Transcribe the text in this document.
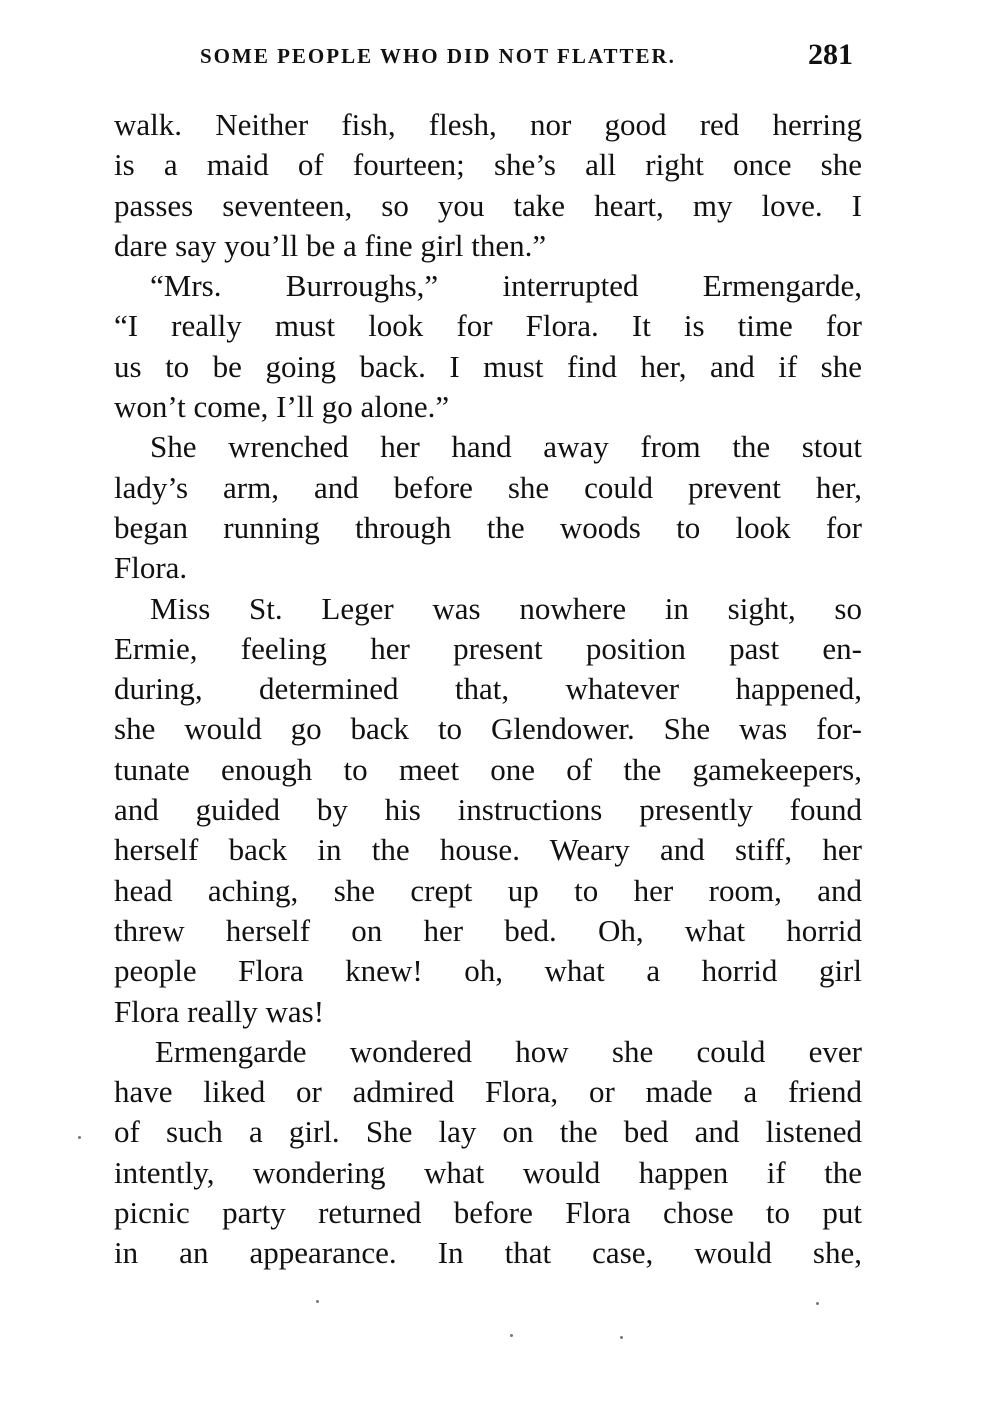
SOME PEOPLE WHO DID NOT FLATTER.	281
walk. Neither fish, flesh, nor good red herring
is a maid of fourteen; she’s all right once she
passes seventeen, so you take heart, my love. I
dare say you’ll be a fine girl then.”
“Mrs. Burroughs,” interrupted Ermengarde,
“I really must look for Flora. It is time for
us to be going back. I must find her, and if she
won’t come, I’ll go alone.”
She wrenched her hand away from the stout
lady’s arm, and before she could prevent her,
began running through the woods to look for
Flora.
Miss St. Leger was nowhere in sight, so
Ermie, feeling her present position past en-
during, determined that, whatever happened,
she would go back to Glendower. She was for-
tunate enough to meet one of the gamekeepers,
and guided by his instructions presently found
herself back in the house. Weary and stiff, her
head aching, she crept up to her room, and
threw herself on her bed. Oh, what horrid
people Flora knew! oh, what a horrid girl
Flora really was!
Ermengarde wondered how she could ever
have liked or admired Flora, or made a friend
of such a girl. She lay on the bed and listened
intently, wondering what would happen if the
picnic party returned before Flora chose to put
in an appearance. In that case, would she,
